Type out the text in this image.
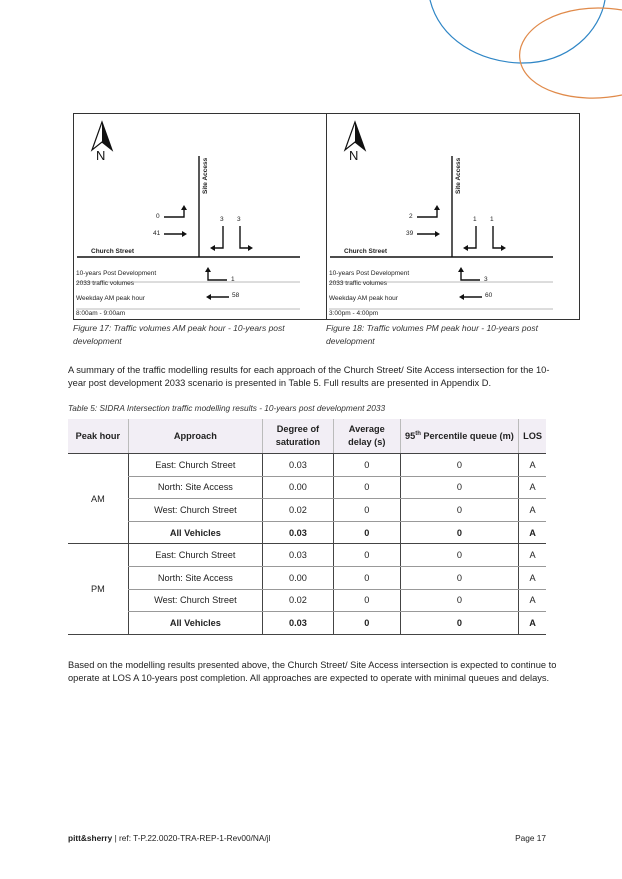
N
Site Access
Church Street
0
41
3 3
10-years Post Development
2033 traffic volumes
Weekday AM peak hour
8:00am - 9:00am
1
58
N
Site Access
Church Street
2
39
1 1
10-years Post Development
2033 traffic volumes
Weekday AM peak hour
3:00pm - 4:00pm
3
60
Figure 17: Traffic volumes AM peak hour - 10-years post development
Figure 18: Traffic volumes PM peak hour - 10-years post development
A summary of the traffic modelling results for each approach of the Church Street/ Site Access intersection for the 10-year post development 2033 scenario is presented in Table 5. Full results are presented in Appendix D.
Table 5: SIDRA Intersection traffic modelling results - 10-years post development 2033
Peak hour	Approach	Degree of saturation	Average delay (s)	95th Percentile queue (m)	LOS
AM	East: Church Street	0.03	0	0	A
	North: Site Access	0.00	0	0	A
	West: Church Street	0.02	0	0	A
	All Vehicles	0.03	0	0	A
PM	East: Church Street	0.03	0	0	A
	North: Site Access	0.00	0	0	A
	West: Church Street	0.02	0	0	A
	All Vehicles	0.03	0	0	A
Based on the modelling results presented above, the Church Street/ Site Access intersection is expected to continue to operate at LOS A 10-years post completion. All approaches are expected to operate with minimal queues and delays.
pitt&sherry | ref: T-P.22.0020-TRA-REP-1-Rev00/NA/jl	Page 17
